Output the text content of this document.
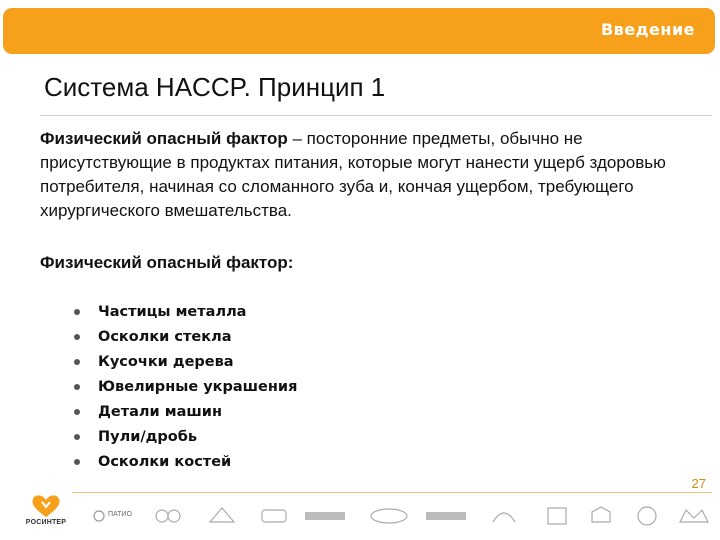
Введение
Система HACCP. Принцип 1

Физический опасный фактор – посторонние предметы, обычно не присутствующие в продуктах питания, которые могут нанести ущерб здоровью потребителя, начиная со сломанного зуба и, кончая ущербом, требующего хирургического вмешательства.

Физический опасный фактор:

Частицы металла
Осколки стекла
Кусочки дерева
Ювелирные украшения
Детали машин
Пули/дробь
Осколки костей
27
РОСИНТЕР
ПАТИО
